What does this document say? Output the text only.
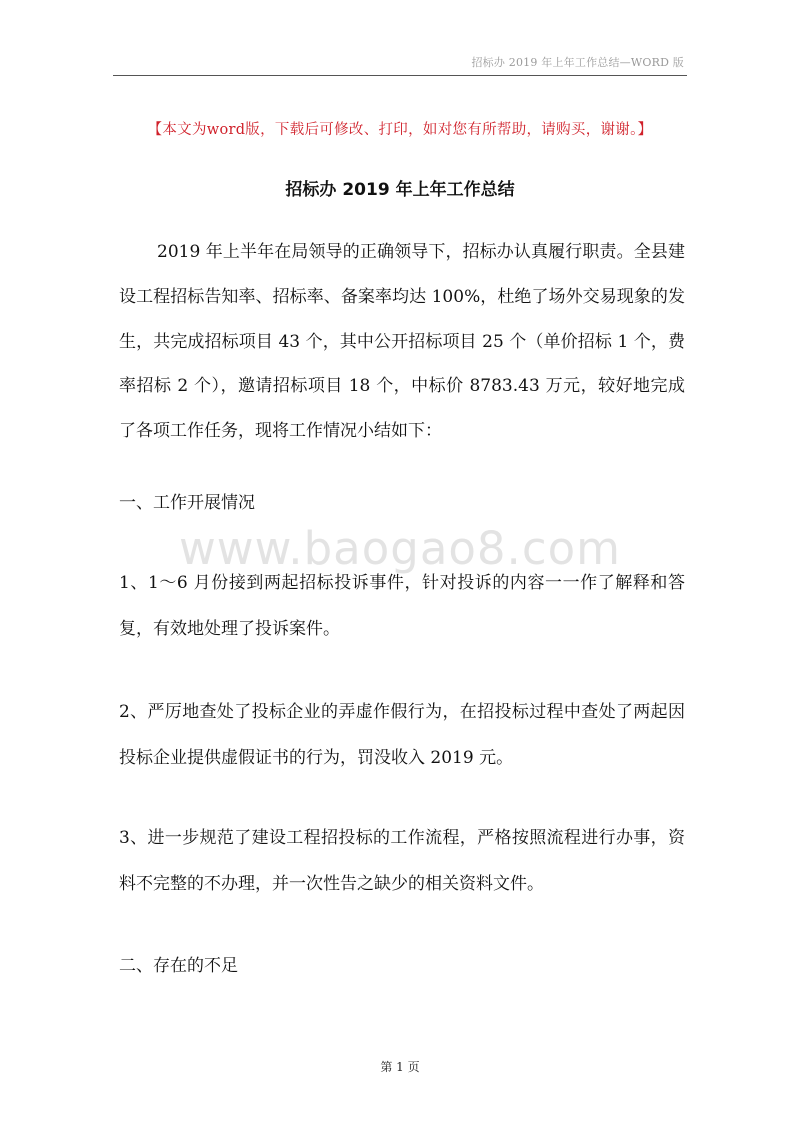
招标办 2019 年上年工作总结—WORD 版
【本文为word版，下载后可修改、打印，如对您有所帮助，请购买，谢谢。】
招标办 2019 年上年工作总结

2019 年上半年在局领导的正确领导下，招标办认真履行职责。全县建设工程招标告知率、招标率、备案率均达 100%，杜绝了场外交易现象的发生，共完成招标项目 43 个，其中公开招标项目 25 个（单价招标 1 个，费率招标 2 个），邀请招标项目 18 个，中标价 8783.43 万元，较好地完成了各项工作任务，现将工作情况小结如下：

一、工作开展情况

www.baogao8.com

1、1～6 月份接到两起招标投诉事件，针对投诉的内容一一作了解释和答复，有效地处理了投诉案件。

2、严厉地查处了投标企业的弄虚作假行为，在招投标过程中查处了两起因投标企业提供虚假证书的行为，罚没收入 2019 元。

3、进一步规范了建设工程招投标的工作流程，严格按照流程进行办事，资料不完整的不办理，并一次性告之缺少的相关资料文件。

二、存在的不足

第 1 页
